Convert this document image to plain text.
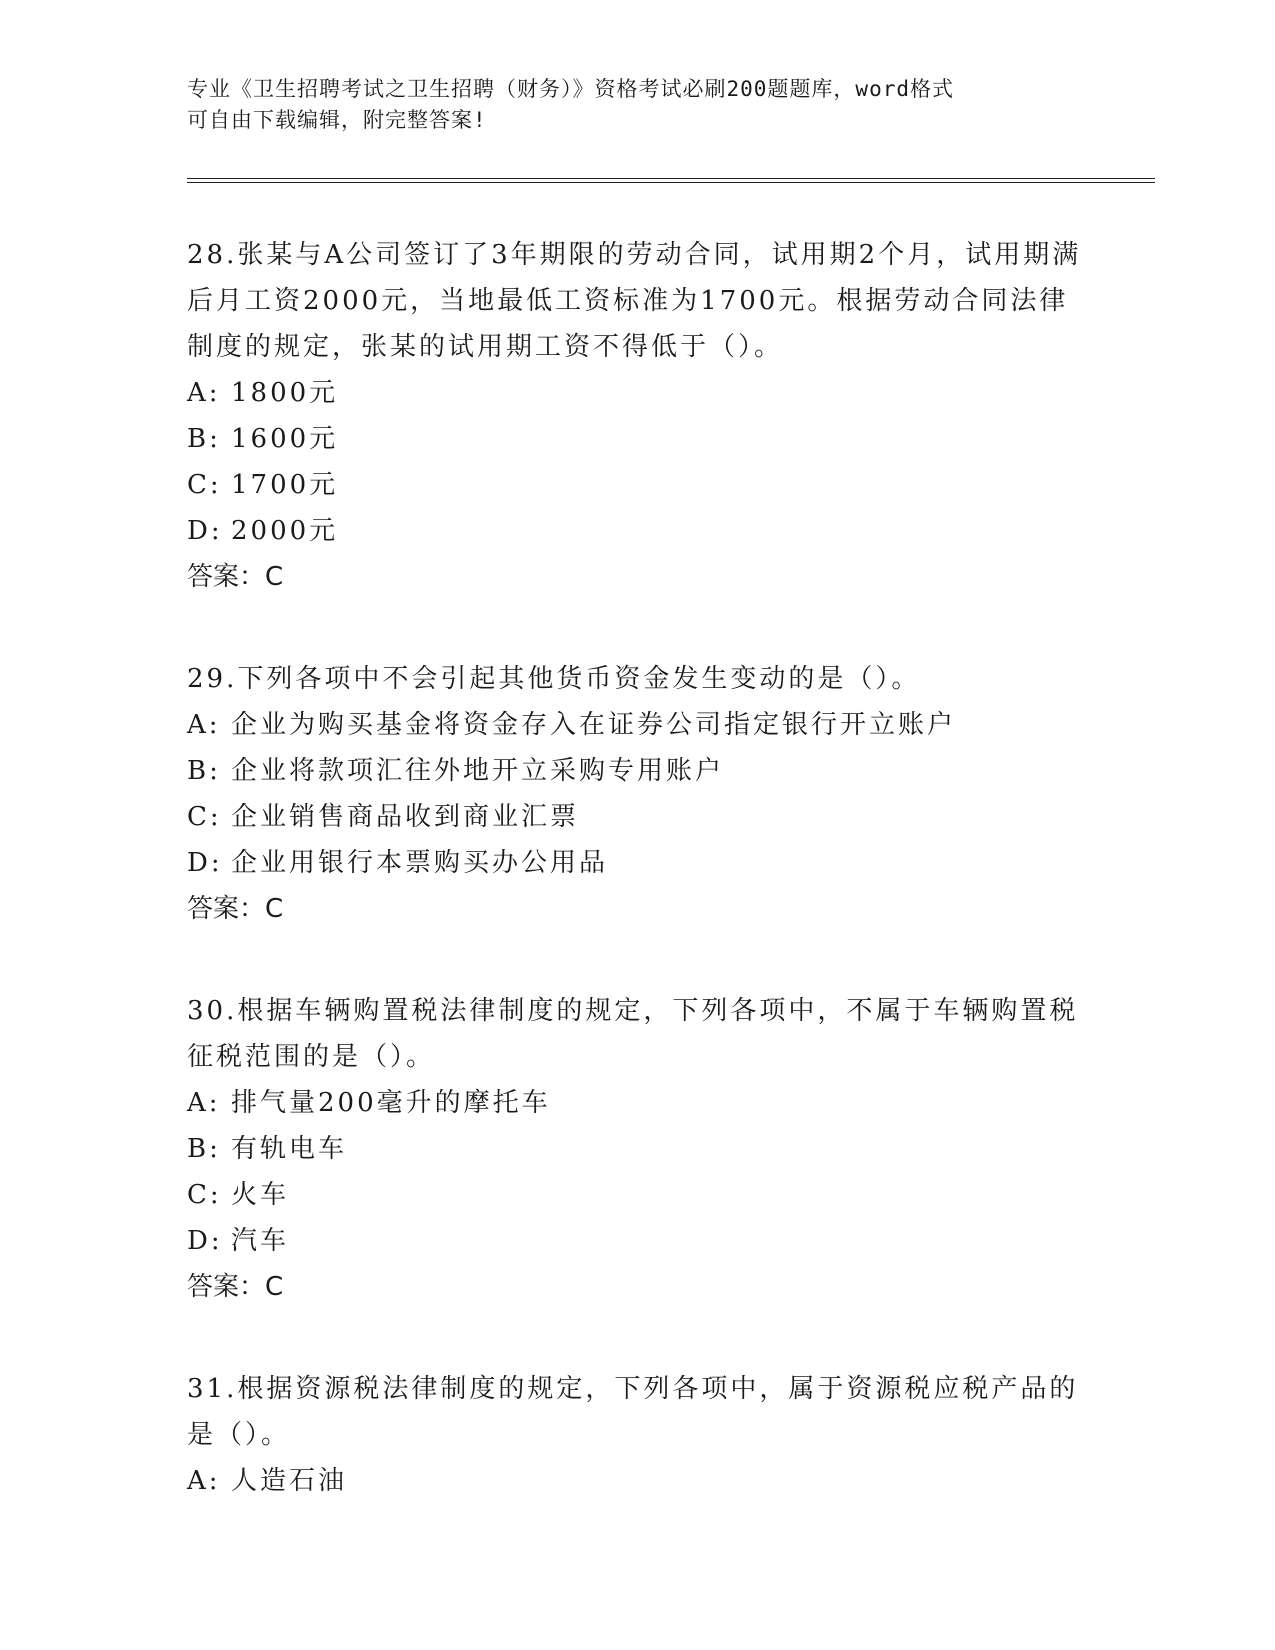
专业《卫生招聘考试之卫生招聘（财务）》资格考试必刷200题题库，word格式
可自由下载编辑，附完整答案!

28.张某与A公司签订了3年期限的劳动合同，试用期2个月，试用期满后月工资2000元，当地最低工资标准为1700元。根据劳动合同法律制度的规定，张某的试用期工资不得低于（）。

A: 1800元

B: 1600元

C: 1700元

D: 2000元

答案：C

29.下列各项中不会引起其他货币资金发生变动的是（）。

A: 企业为购买基金将资金存入在证券公司指定银行开立账户

B: 企业将款项汇往外地开立采购专用账户

C: 企业销售商品收到商业汇票

D: 企业用银行本票购买办公用品

答案：C

30.根据车辆购置税法律制度的规定，下列各项中，不属于车辆购置税征税范围的是（）。

A: 排气量200毫升的摩托车

B: 有轨电车

C: 火车

D: 汽车

答案：C

31.根据资源税法律制度的规定，下列各项中，属于资源税应税产品的是（）。

A: 人造石油
